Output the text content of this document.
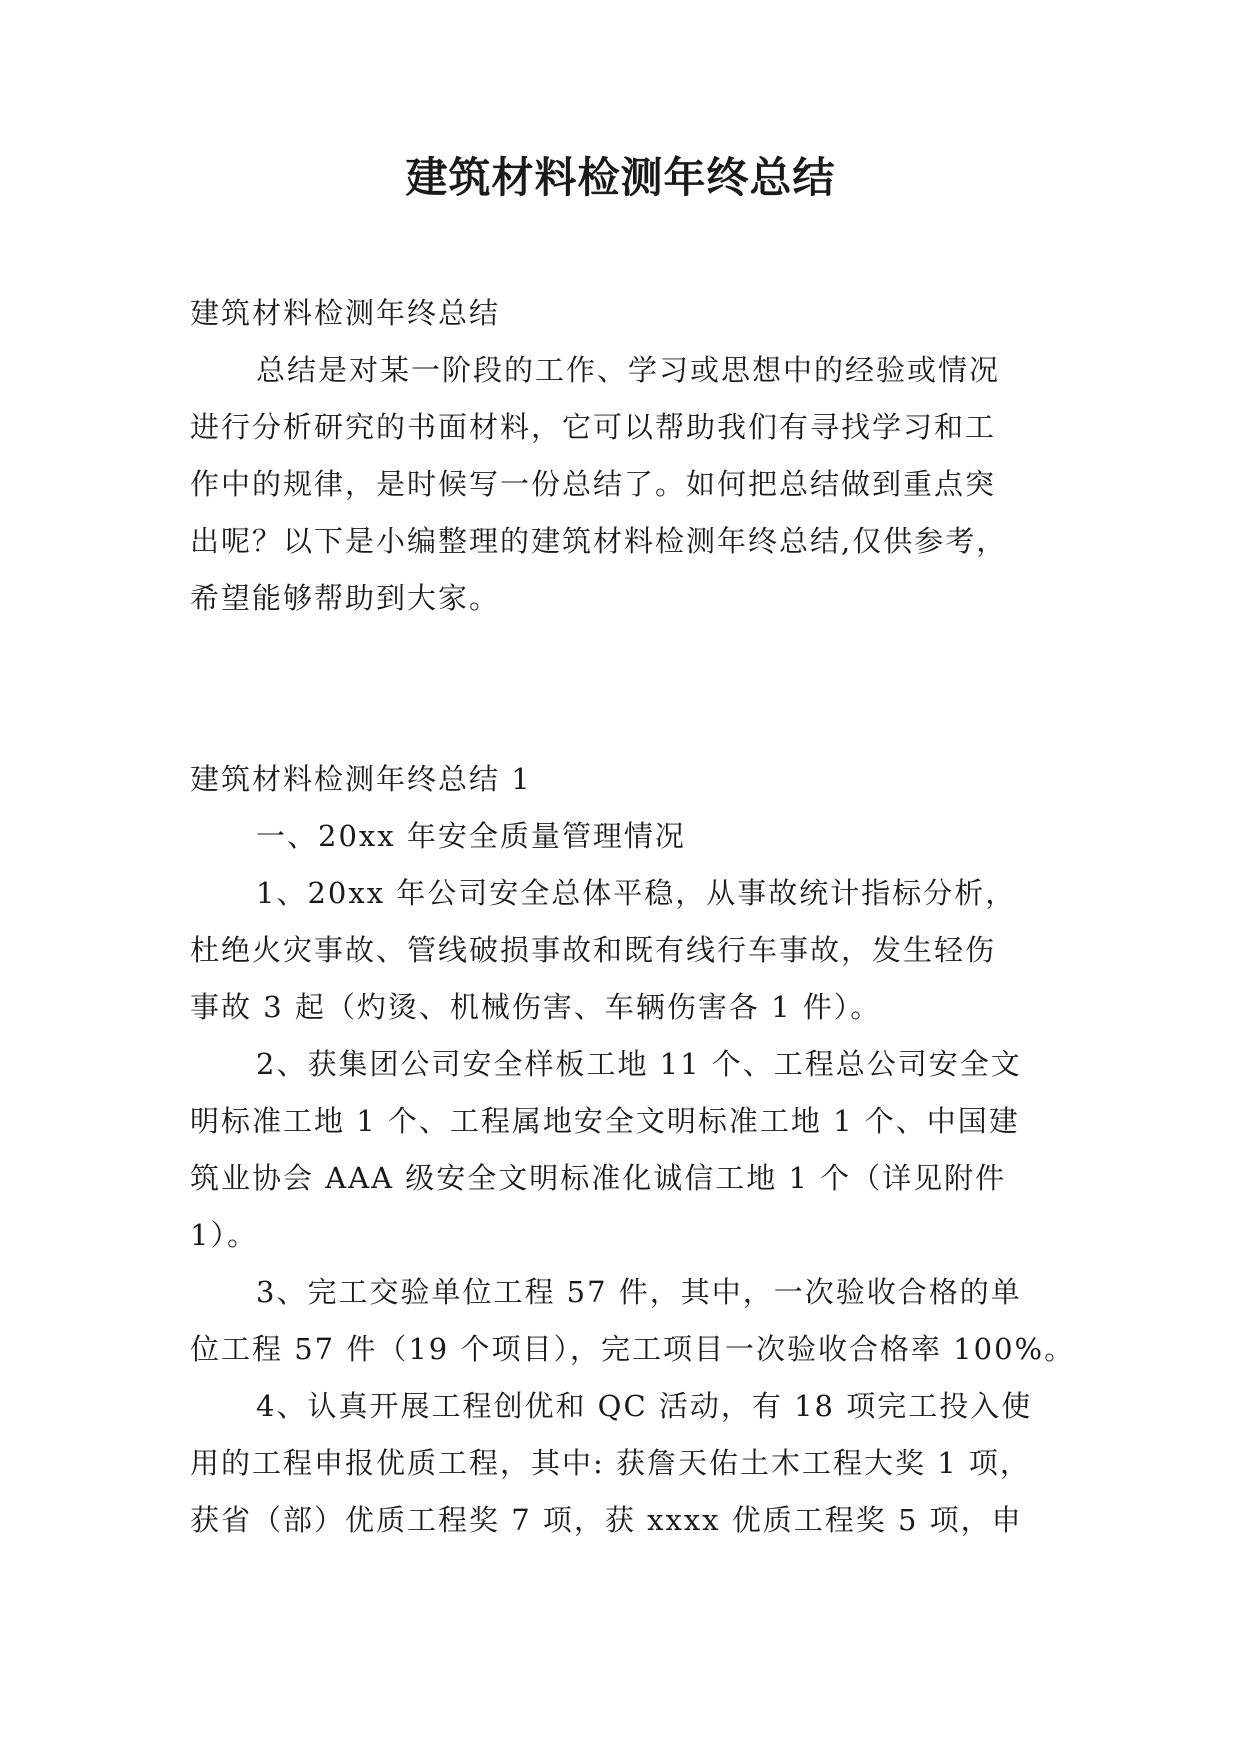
建筑材料检测年终总结
建筑材料检测年终总结
总结是对某一阶段的工作、学习或思想中的经验或情况
进行分析研究的书面材料，它可以帮助我们有寻找学习和工
作中的规律，是时候写一份总结了。如何把总结做到重点突
出呢？以下是小编整理的建筑材料检测年终总结,仅供参考，
希望能够帮助到大家。
建筑材料检测年终总结 1
一、20xx 年安全质量管理情况
1、20xx 年公司安全总体平稳，从事故统计指标分析，
杜绝火灾事故、管线破损事故和既有线行车事故，发生轻伤
事故 3 起（灼烫、机械伤害、车辆伤害各 1 件）。
2、获集团公司安全样板工地 11 个、工程总公司安全文
明标准工地 1 个、工程属地安全文明标准工地 1 个、中国建
筑业协会 AAA 级安全文明标准化诚信工地 1 个（详见附件
1）。
3、完工交验单位工程 57 件，其中，一次验收合格的单
位工程 57 件（19 个项目），完工项目一次验收合格率 100%。
4、认真开展工程创优和 QC 活动，有 18 项完工投入使
用的工程申报优质工程，其中: 获詹天佑土木工程大奖 1 项，
获省（部）优质工程奖 7 项，获 xxxx 优质工程奖 5 项，申
